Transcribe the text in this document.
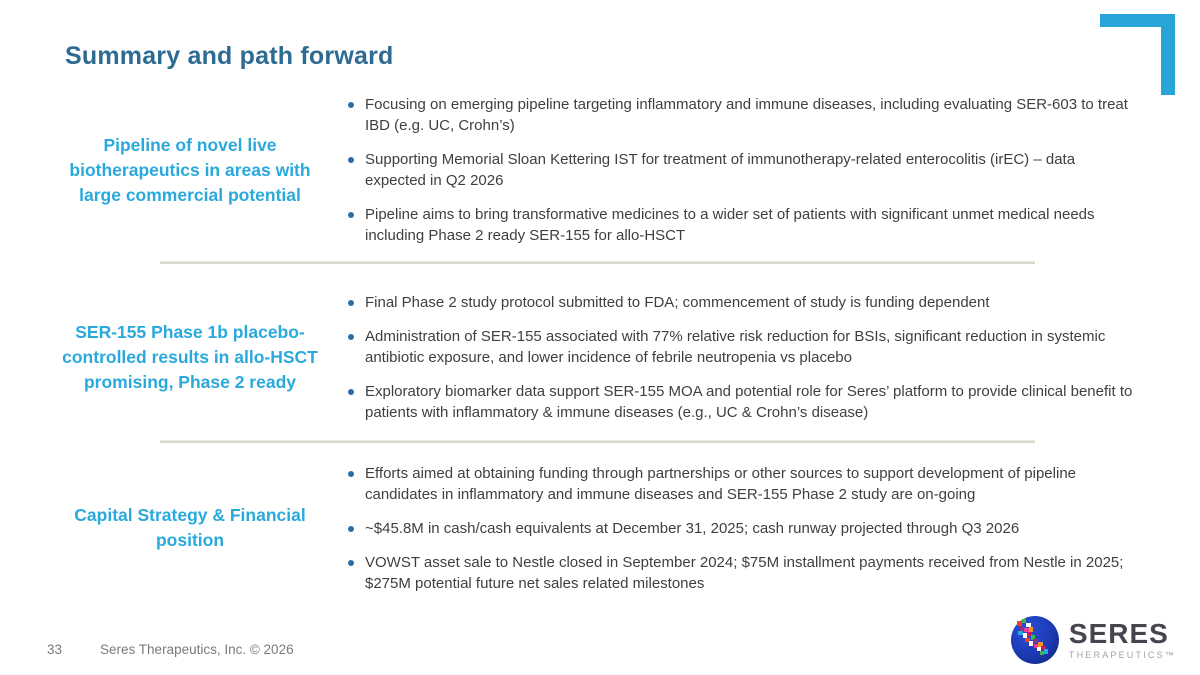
Summary and path forward
Pipeline of novel live biotherapeutics in areas with large commercial potential
Focusing on emerging pipeline targeting inflammatory and immune diseases, including evaluating SER-603 to treat IBD (e.g. UC, Crohn’s)
Supporting Memorial Sloan Kettering IST for treatment of immunotherapy-related enterocolitis (irEC) – data expected in Q2 2026
Pipeline aims to bring transformative medicines to a wider set of patients with significant unmet medical needs including Phase 2 ready SER-155 for allo-HSCT
SER-155 Phase 1b placebo-controlled results in allo-HSCT promising, Phase 2 ready
Final Phase 2 study protocol submitted to FDA; commencement of study is funding dependent
Administration of SER-155 associated with 77% relative risk reduction for BSIs, significant reduction in systemic antibiotic exposure, and lower incidence of febrile neutropenia vs placebo
Exploratory biomarker data support SER-155 MOA and potential role for Seres’ platform to provide clinical benefit to patients with inflammatory & immune diseases (e.g., UC & Crohn’s disease)
Capital Strategy & Financial position
Efforts aimed at obtaining funding through partnerships or other sources to support development of pipeline candidates in inflammatory and immune diseases and SER-155 Phase 2 study are on-going
~$45.8M in cash/cash equivalents at December 31, 2025; cash runway projected through Q3 2026
VOWST asset sale to Nestle closed in September 2024; $75M installment payments received from Nestle in 2025; $275M potential future net sales related milestones
33	Seres Therapeutics, Inc. © 2026
SERES
THERAPEUTICS™
